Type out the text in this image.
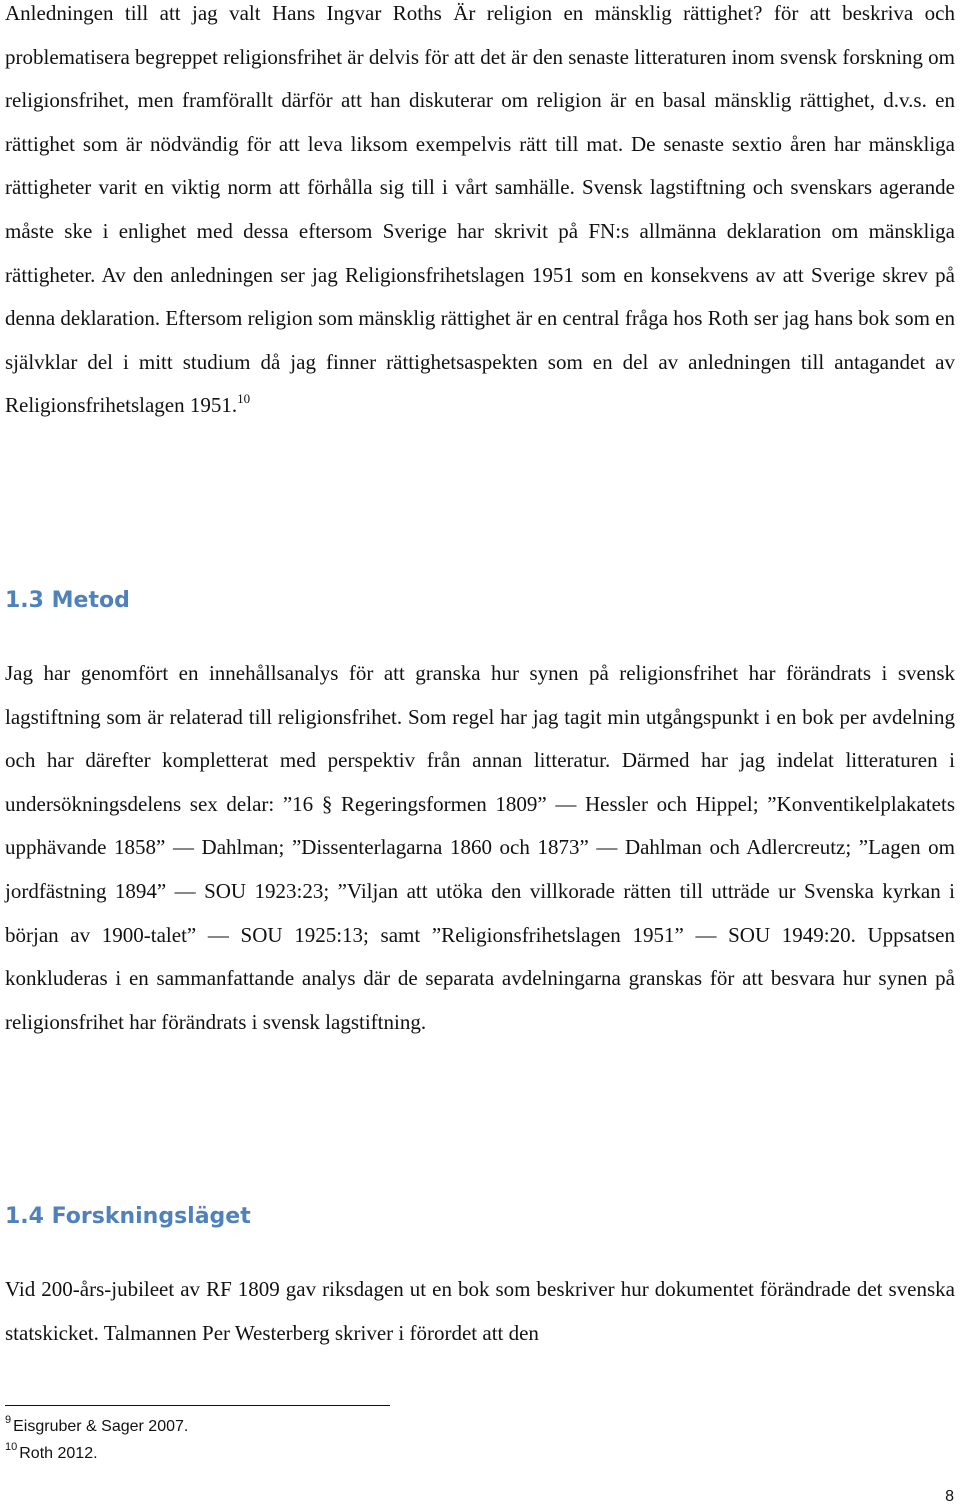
Anledningen till att jag valt Hans Ingvar Roths Är religion en mänsklig rättighet? för att beskriva och problematisera begreppet religionsfrihet är delvis för att det är den senaste litteraturen inom svensk forskning om religionsfrihet, men framförallt därför att han diskuterar om religion är en basal mänsklig rättighet, d.v.s. en rättighet som är nödvändig för att leva liksom exempelvis rätt till mat. De senaste sextio åren har mänskliga rättigheter varit en viktig norm att förhålla sig till i vårt samhälle. Svensk lagstiftning och svenskars agerande måste ske i enlighet med dessa eftersom Sverige har skrivit på FN:s allmänna deklaration om mänskliga rättigheter. Av den anledningen ser jag Religionsfrihetslagen 1951 som en konsekvens av att Sverige skrev på denna deklaration. Eftersom religion som mänsklig rättighet är en central fråga hos Roth ser jag hans bok som en självklar del i mitt studium då jag finner rättighetsaspekten som en del av anledningen till antagandet av Religionsfrihetslagen 1951.10

1.3 Metod

Jag har genomfört en innehållsanalys för att granska hur synen på religionsfrihet har förändrats i svensk lagstiftning som är relaterad till religionsfrihet. Som regel har jag tagit min utgångspunkt i en bok per avdelning och har därefter kompletterat med perspektiv från annan litteratur. Därmed har jag indelat litteraturen i undersökningsdelens sex delar: ”16 § Regeringsformen 1809” — Hessler och Hippel; ”Konventikelplakatets upphävande 1858” — Dahlman; ”Dissenterlagarna 1860 och 1873” — Dahlman och Adlercreutz; ”Lagen om jordfästning 1894” — SOU 1923:23; ”Viljan att utöka den villkorade rätten till utträde ur Svenska kyrkan i början av 1900-talet” — SOU 1925:13; samt ”Religionsfrihetslagen 1951” — SOU 1949:20. Uppsatsen konkluderas i en sammanfattande analys där de separata avdelningarna granskas för att besvara hur synen på religionsfrihet har förändrats i svensk lagstiftning.

1.4 Forskningsläget

Vid 200-års-jubileet av RF 1809 gav riksdagen ut en bok som beskriver hur dokumentet förändrade det svenska statskicket. Talmannen Per Westerberg skriver i förordet att den

$^9$ Eisgruber & Sager 2007.

$^{10}$ Roth 2012.

8
